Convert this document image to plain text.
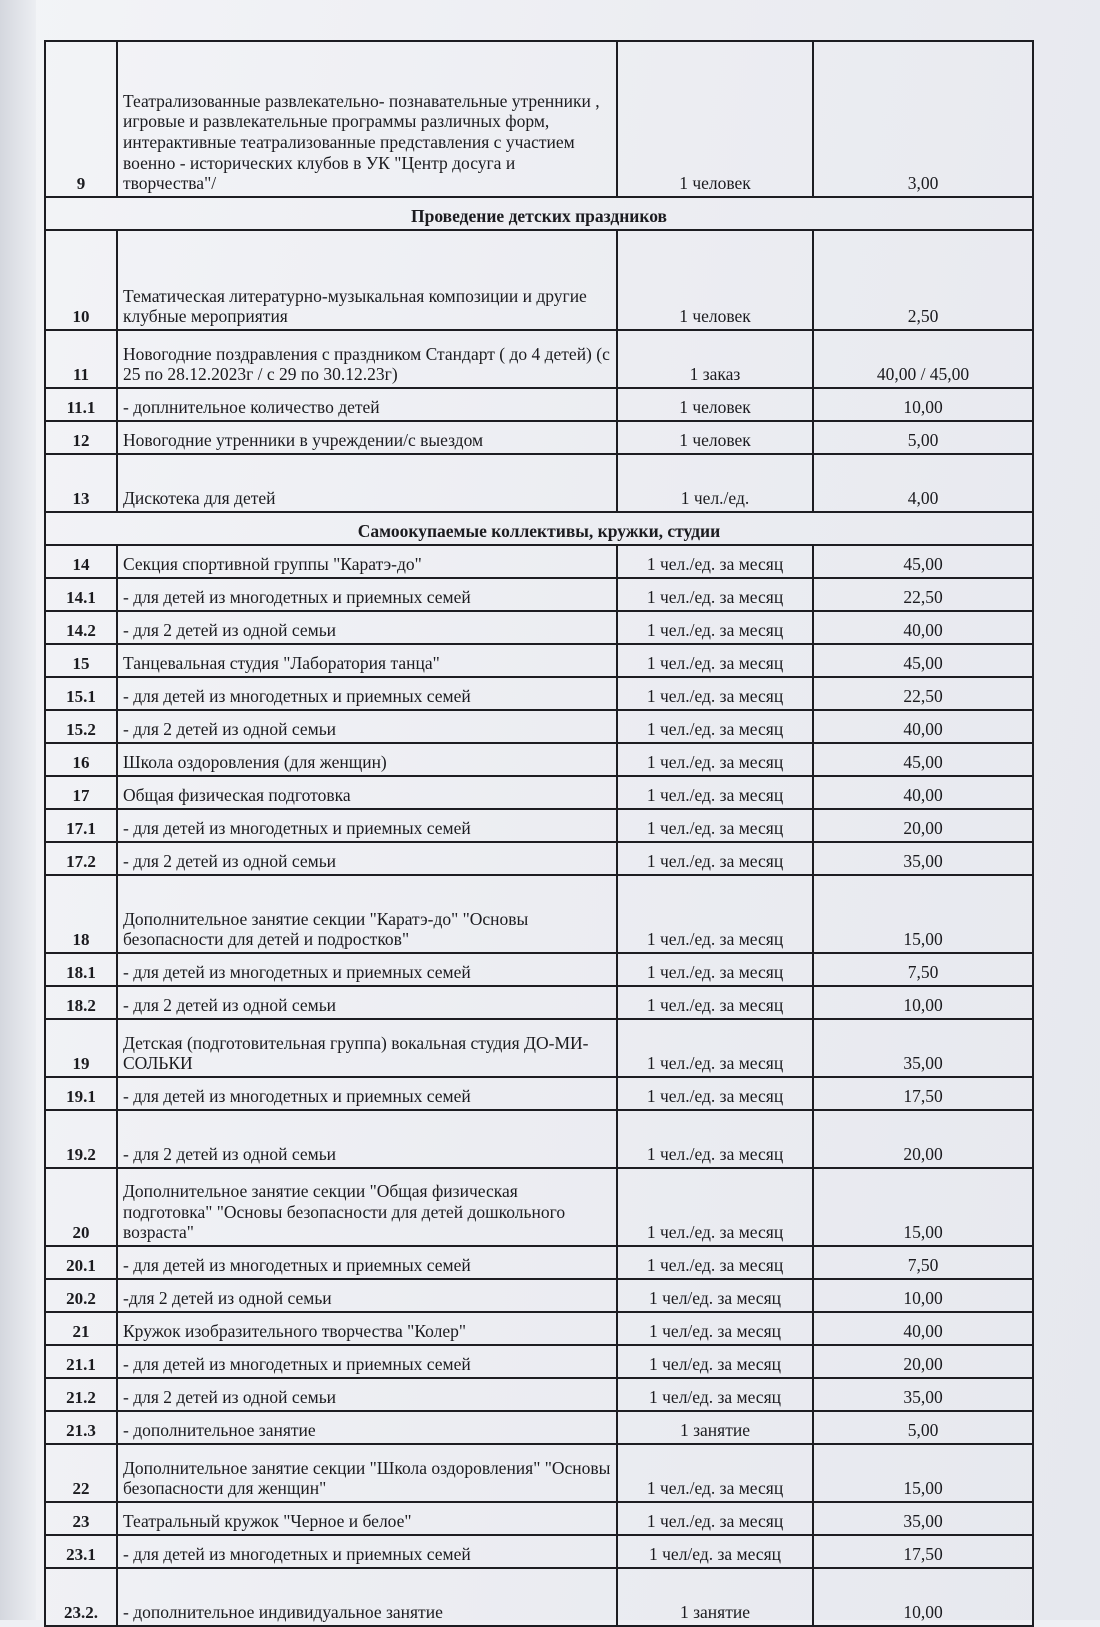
9	Театрализованные развлекательно- познавательные утренники , игровые и развлекательные программы различных форм, интерактивные театрализованные представления с участием военно - исторических клубов в УК "Центр досуга и творчества"/	1 человек	3,00
Проведение детских праздников			
10	Тематическая литературно-музыкальная композиции и другие клубные мероприятия	1 человек	2,50
11	Новогодние поздравления с праздником Стандарт ( до 4 детей) (с 25 по 28.12.2023г / с 29 по 30.12.23г)	1 заказ	40,00 / 45,00
11.1	- доплнительное количество детей	1 человек	10,00
12	Новогодние утренники в учреждении/с выездом	1 человек	5,00
13	Дискотека для детей	1 чел./ед.	4,00
Самоокупаемые коллективы, кружки, студии			
14	Секция спортивной группы "Каратэ-до"	1 чел./ед. за месяц	45,00
14.1	- для детей из многодетных и приемных семей	1 чел./ед. за месяц	22,50
14.2	- для 2 детей из одной семьи	1 чел./ед. за месяц	40,00
15	Танцевальная студия "Лаборатория танца"	1 чел./ед. за месяц	45,00
15.1	- для детей из многодетных и приемных семей	1 чел./ед. за месяц	22,50
15.2	- для 2 детей из одной семьи	1 чел./ед. за месяц	40,00
16	Школа оздоровления (для женщин)	1 чел./ед. за месяц	45,00
17	Общая физическая подготовка	1 чел./ед. за месяц	40,00
17.1	- для детей из многодетных и приемных семей	1 чел./ед. за месяц	20,00
17.2	- для 2 детей из одной семьи	1 чел./ед. за месяц	35,00
18	Дополнительное занятие секции "Каратэ-до" "Основы безопасности для детей и подростков"	1 чел./ед. за месяц	15,00
18.1	- для детей из многодетных и приемных семей	1 чел./ед. за месяц	7,50
18.2	- для 2 детей из одной семьи	1 чел./ед. за месяц	10,00
19	Детская (подготовительная группа) вокальная студия ДО-МИ-СОЛЬКИ	1 чел./ед. за месяц	35,00
19.1	- для детей из многодетных и приемных семей	1 чел./ед. за месяц	17,50
19.2	- для 2 детей из одной семьи	1 чел./ед. за месяц	20,00
20	Дополнительное занятие секции "Общая физическая подготовка" "Основы безопасности для детей дошкольного возраста"	1 чел./ед. за месяц	15,00
20.1	- для детей из многодетных и приемных семей	1 чел./ед. за месяц	7,50
20.2	-для 2 детей из одной семьи	1 чел/ед. за месяц	10,00
21	Кружок изобразительного творчества "Колер"	1 чел/ед. за месяц	40,00
21.1	- для детей из многодетных и приемных семей	1 чел/ед. за месяц	20,00
21.2	- для 2 детей из одной семьи	1 чел/ед. за месяц	35,00
21.3	- дополнительное занятие	1 занятие	5,00
22	Дополнительное занятие секции "Школа оздоровления" "Основы безопасности для женщин"	1 чел./ед. за месяц	15,00
23	Театральный кружок "Черное и белое"	1 чел./ед. за месяц	35,00
23.1	- для детей из многодетных и приемных семей	1 чел/ед. за месяц	17,50
23.2.	- дополнительное индивидуальное занятие	1 занятие	10,00
